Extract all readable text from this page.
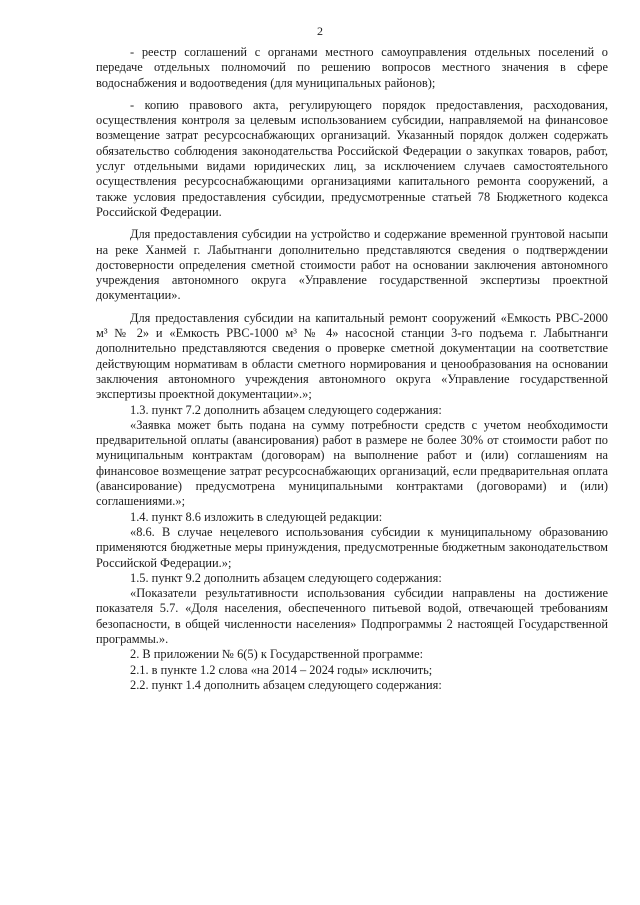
2

- реестр соглашений с органами местного самоуправления отдельных поселений о передаче отдельных полномочий по решению вопросов местного значения в сфере водоснабжения и водоотведения (для муниципальных районов);

- копию правового акта, регулирующего порядок предоставления, расходования, осуществления контроля за целевым использованием субсидии, направляемой на финансовое возмещение затрат ресурсоснабжающих организаций. Указанный порядок должен содержать обязательство соблюдения законодательства Российской Федерации о закупках товаров, работ, услуг отдельными видами юридических лиц, за исключением случаев самостоятельного осуществления ресурсоснабжающими организациями капитального ремонта сооружений, а также условия предоставления субсидии, предусмотренные статьей 78 Бюджетного кодекса Российской Федерации.

Для предоставления субсидии на устройство и содержание временной грунтовой насыпи на реке Ханмей г. Лабытнанги дополнительно представляются сведения о подтверждении достоверности определения сметной стоимости работ на основании заключения автономного учреждения автономного округа «Управление государственной экспертизы проектной документации».

Для предоставления субсидии на капитальный ремонт сооружений «Емкость РВС-2000 м³ № 2» и «Емкость РВС-1000 м³ № 4» насосной станции 3-го подъема г. Лабытнанги дополнительно представляются сведения о проверке сметной документации на соответствие действующим нормативам в области сметного нормирования и ценообразования на основании заключения автономного учреждения автономного округа «Управление государственной экспертизы проектной документации».»;

1.3. пункт 7.2 дополнить абзацем следующего содержания:

«Заявка может быть подана на сумму потребности средств с учетом необходимости предварительной оплаты (авансирования) работ в размере не более 30% от стоимости работ по муниципальным контрактам (договорам) на выполнение работ и (или) соглашениям на финансовое возмещение затрат ресурсоснабжающих организаций, если предварительная оплата (авансирование) предусмотрена муниципальными контрактами (договорами) и (или) соглашениями.»;

1.4. пункт 8.6 изложить в следующей редакции:

«8.6. В случае нецелевого использования субсидии к муниципальному образованию применяются бюджетные меры принуждения, предусмотренные бюджетным законодательством Российской Федерации.»;

1.5. пункт 9.2 дополнить абзацем следующего содержания:

«Показатели результативности использования субсидии направлены на достижение показателя 5.7. «Доля населения, обеспеченного питьевой водой, отвечающей требованиям безопасности, в общей численности населения» Подпрограммы 2 настоящей Государственной программы.».

2. В приложении № 6(5) к Государственной программе:

2.1. в пункте 1.2 слова «на 2014 – 2024 годы» исключить;

2.2. пункт 1.4 дополнить абзацем следующего содержания:
